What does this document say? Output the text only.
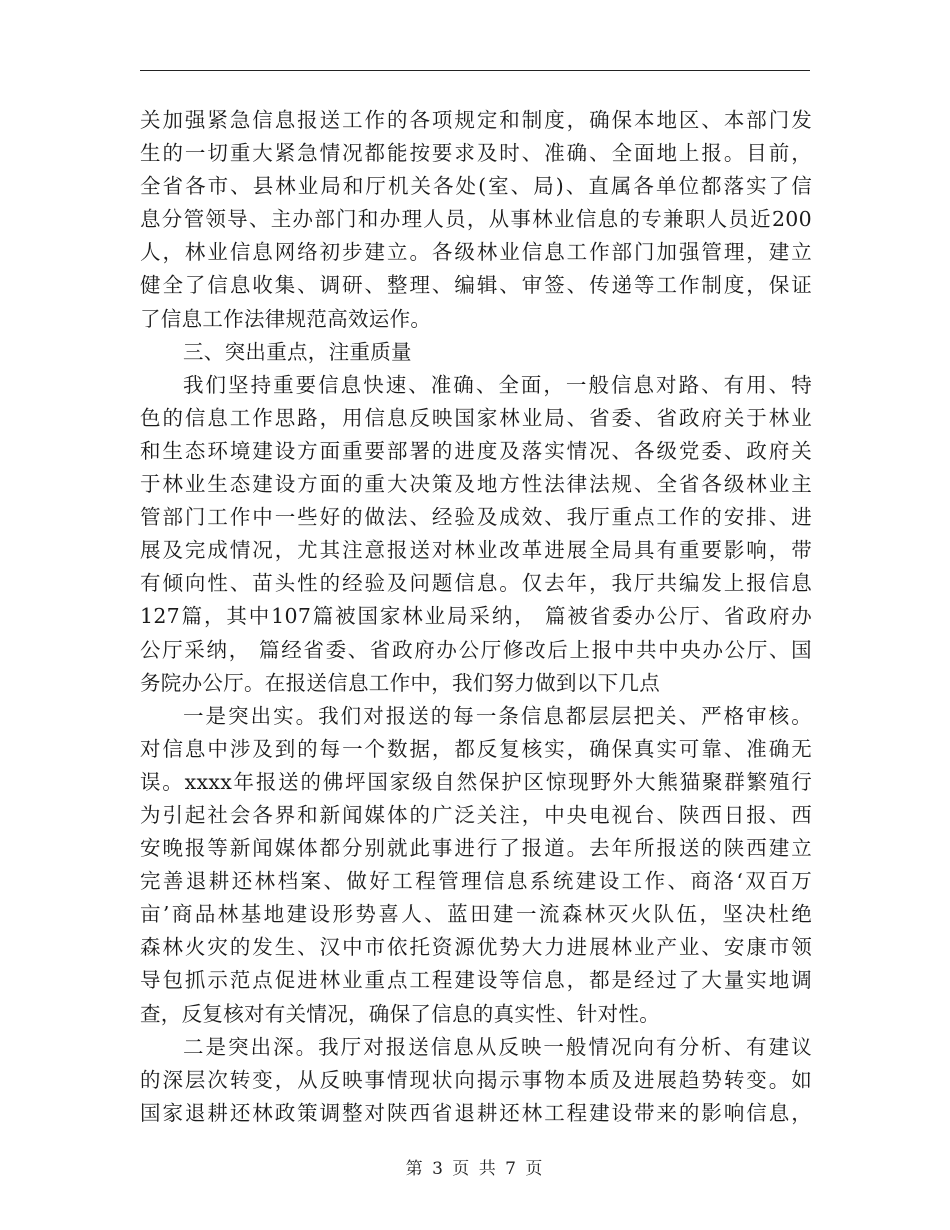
关加强紧急信息报送工作的各项规定和制度，确保本地区、本部门发
生的一切重大紧急情况都能按要求及时、准确、全面地上报。目前，
全省各市、县林业局和厅机关各处(室、局)、直属各单位都落实了信
息分管领导、主办部门和办理人员，从事林业信息的专兼职人员近200
人，林业信息网络初步建立。各级林业信息工作部门加强管理，建立
健全了信息收集、调研、整理、编辑、审签、传递等工作制度，保证
了信息工作法律规范高效运作。
三、突出重点，注重质量
我们坚持重要信息快速、准确、全面，一般信息对路、有用、特
色的信息工作思路，用信息反映国家林业局、省委、省政府关于林业
和生态环境建设方面重要部署的进度及落实情况、各级党委、政府关
于林业生态建设方面的重大决策及地方性法律法规、全省各级林业主
管部门工作中一些好的做法、经验及成效、我厅重点工作的安排、进
展及完成情况，尤其注意报送对林业改革进展全局具有重要影响，带
有倾向性、苗头性的经验及问题信息。仅去年，我厅共编发上报信息
127篇，其中107篇被国家林业局采纳， 篇被省委办公厅、省政府办
公厅采纳， 篇经省委、省政府办公厅修改后上报中共中央办公厅、国
务院办公厅。在报送信息工作中，我们努力做到以下几点
一是突出实。我们对报送的每一条信息都层层把关、严格审核。
对信息中涉及到的每一个数据，都反复核实，确保真实可靠、准确无
误。xxxx年报送的佛坪国家级自然保护区惊现野外大熊猫聚群繁殖行
为引起社会各界和新闻媒体的广泛关注，中央电视台、陕西日报、西
安晚报等新闻媒体都分别就此事进行了报道。去年所报送的陕西建立
完善退耕还林档案、做好工程管理信息系统建设工作、商洛‘双百万
亩’商品林基地建设形势喜人、蓝田建一流森林灭火队伍，坚决杜绝
森林火灾的发生、汉中市依托资源优势大力进展林业产业、安康市领
导包抓示范点促进林业重点工程建设等信息，都是经过了大量实地调
查，反复核对有关情况，确保了信息的真实性、针对性。
二是突出深。我厅对报送信息从反映一般情况向有分析、有建议
的深层次转变，从反映事情现状向揭示事物本质及进展趋势转变。如
国家退耕还林政策调整对陕西省退耕还林工程建设带来的影响信息，
第 3 页 共 7 页
